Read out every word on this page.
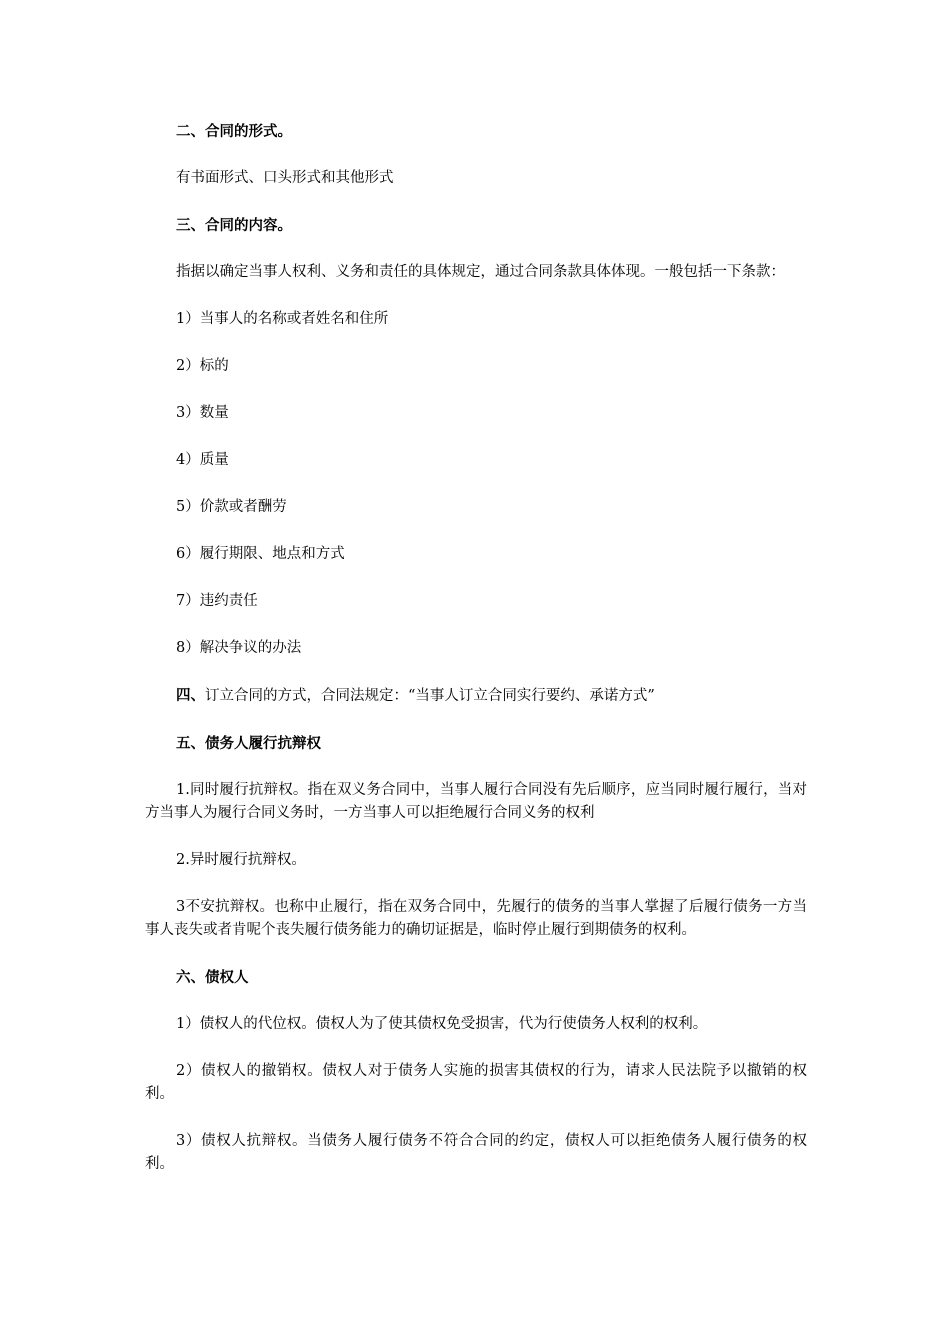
二、合同的形式。

有书面形式、口头形式和其他形式

三、合同的内容。

指据以确定当事人权利、义务和责任的具体规定，通过合同条款具体体现。一般包括一下条款：

1）当事人的名称或者姓名和住所

2）标的

3）数量

4）质量

5）价款或者酬劳

6）履行期限、地点和方式

7）违约责任

8）解决争议的办法

四、订立合同的方式，合同法规定：“当事人订立合同实行要约、承诺方式”

五、债务人履行抗辩权

1.同时履行抗辩权。指在双义务合同中，当事人履行合同没有先后顺序，应当同时履行履行，当对方当事人为履行合同义务时，一方当事人可以拒绝履行合同义务的权利

2.异时履行抗辩权。

3不安抗辩权。也称中止履行，指在双务合同中，先履行的债务的当事人掌握了后履行债务一方当事人丧失或者肯呢个丧失履行债务能力的确切证据是，临时停止履行到期债务的权利。

六、债权人

1）债权人的代位权。债权人为了使其债权免受损害，代为行使债务人权利的权利。

2）债权人的撤销权。债权人对于债务人实施的损害其债权的行为，请求人民法院予以撤销的权利。

3）债权人抗辩权。当债务人履行债务不符合合同的约定，债权人可以拒绝债务人履行债务的权利。
